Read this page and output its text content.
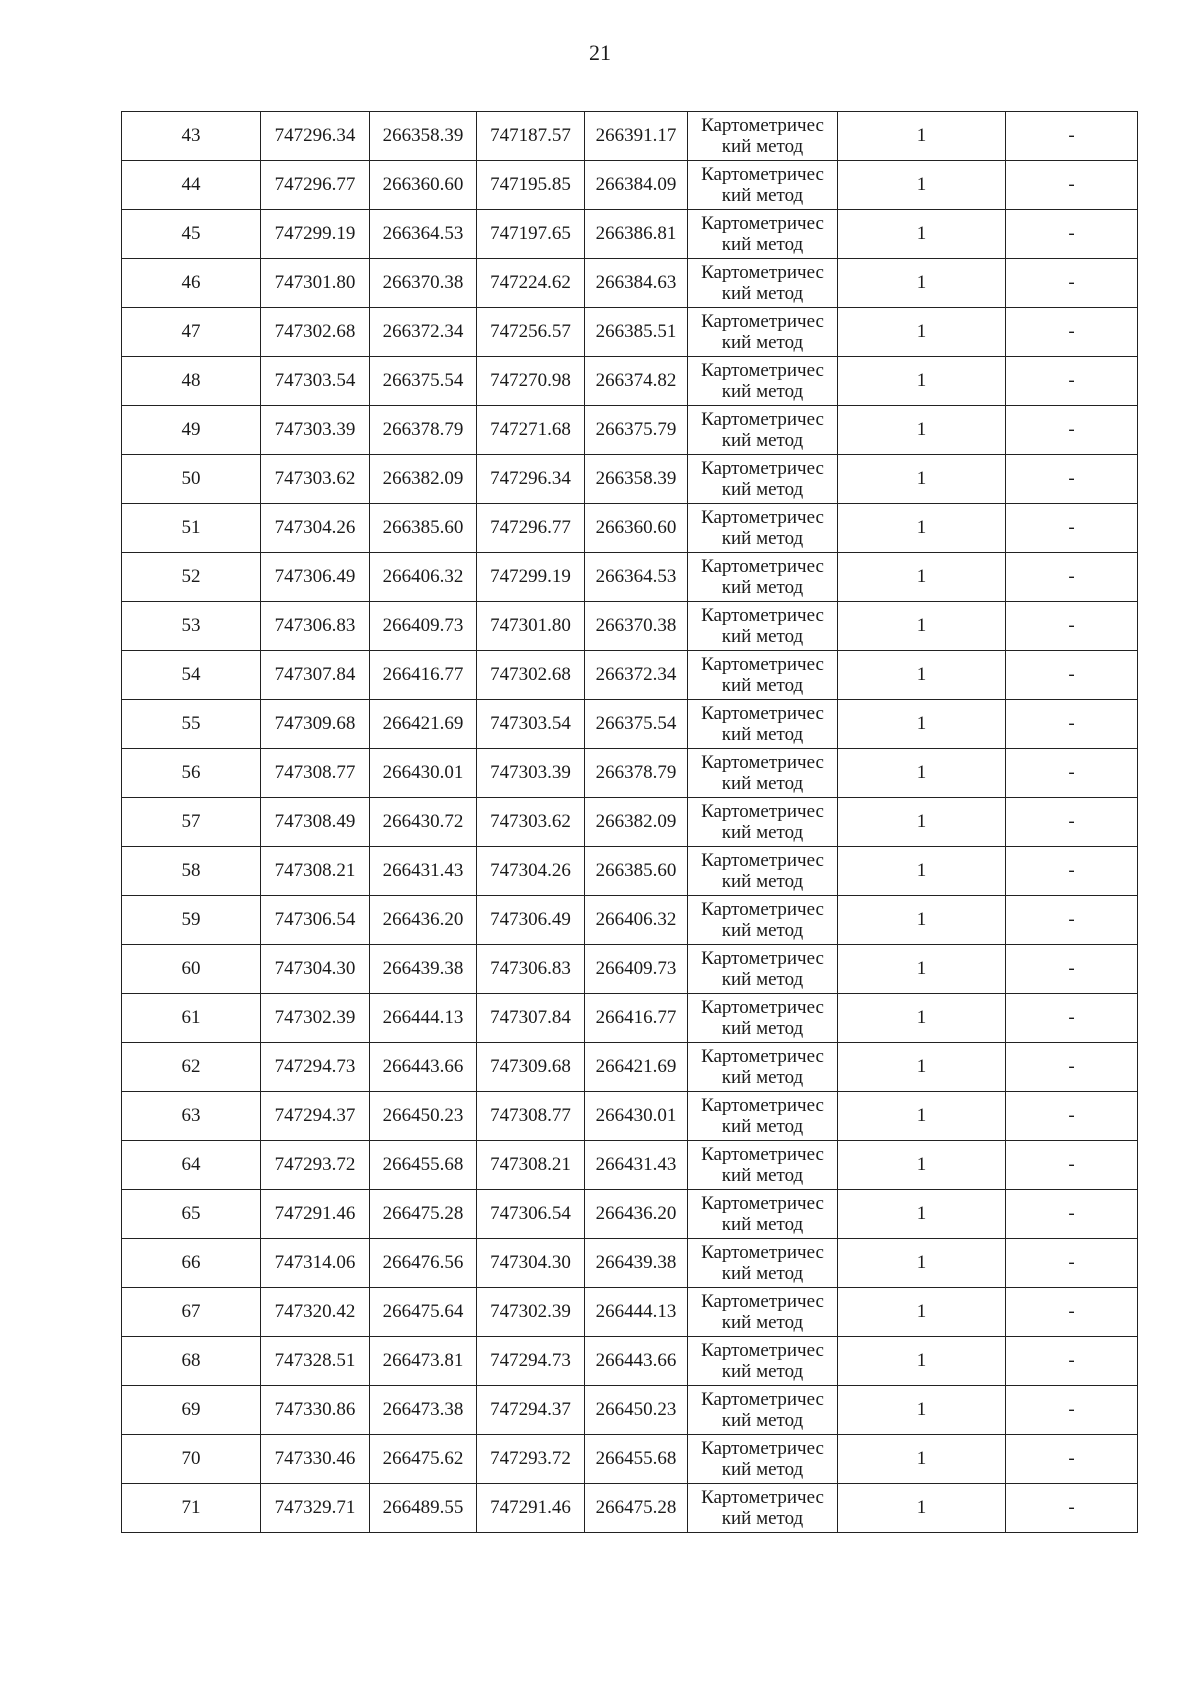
21
43	747296.34	266358.39	747187.57	266391.17	Картометричес
кий метод	1	-
44	747296.77	266360.60	747195.85	266384.09	Картометричес
кий метод	1	-
45	747299.19	266364.53	747197.65	266386.81	Картометричес
кий метод	1	-
46	747301.80	266370.38	747224.62	266384.63	Картометричес
кий метод	1	-
47	747302.68	266372.34	747256.57	266385.51	Картометричес
кий метод	1	-
48	747303.54	266375.54	747270.98	266374.82	Картометричес
кий метод	1	-
49	747303.39	266378.79	747271.68	266375.79	Картометричес
кий метод	1	-
50	747303.62	266382.09	747296.34	266358.39	Картометричес
кий метод	1	-
51	747304.26	266385.60	747296.77	266360.60	Картометричес
кий метод	1	-
52	747306.49	266406.32	747299.19	266364.53	Картометричес
кий метод	1	-
53	747306.83	266409.73	747301.80	266370.38	Картометричес
кий метод	1	-
54	747307.84	266416.77	747302.68	266372.34	Картометричес
кий метод	1	-
55	747309.68	266421.69	747303.54	266375.54	Картометричес
кий метод	1	-
56	747308.77	266430.01	747303.39	266378.79	Картометричес
кий метод	1	-
57	747308.49	266430.72	747303.62	266382.09	Картометричес
кий метод	1	-
58	747308.21	266431.43	747304.26	266385.60	Картометричес
кий метод	1	-
59	747306.54	266436.20	747306.49	266406.32	Картометричес
кий метод	1	-
60	747304.30	266439.38	747306.83	266409.73	Картометричес
кий метод	1	-
61	747302.39	266444.13	747307.84	266416.77	Картометричес
кий метод	1	-
62	747294.73	266443.66	747309.68	266421.69	Картометричес
кий метод	1	-
63	747294.37	266450.23	747308.77	266430.01	Картометричес
кий метод	1	-
64	747293.72	266455.68	747308.21	266431.43	Картометричес
кий метод	1	-
65	747291.46	266475.28	747306.54	266436.20	Картометричес
кий метод	1	-
66	747314.06	266476.56	747304.30	266439.38	Картометричес
кий метод	1	-
67	747320.42	266475.64	747302.39	266444.13	Картометричес
кий метод	1	-
68	747328.51	266473.81	747294.73	266443.66	Картометричес
кий метод	1	-
69	747330.86	266473.38	747294.37	266450.23	Картометричес
кий метод	1	-
70	747330.46	266475.62	747293.72	266455.68	Картометричес
кий метод	1	-
71	747329.71	266489.55	747291.46	266475.28	Картометричес
кий метод	1	-
